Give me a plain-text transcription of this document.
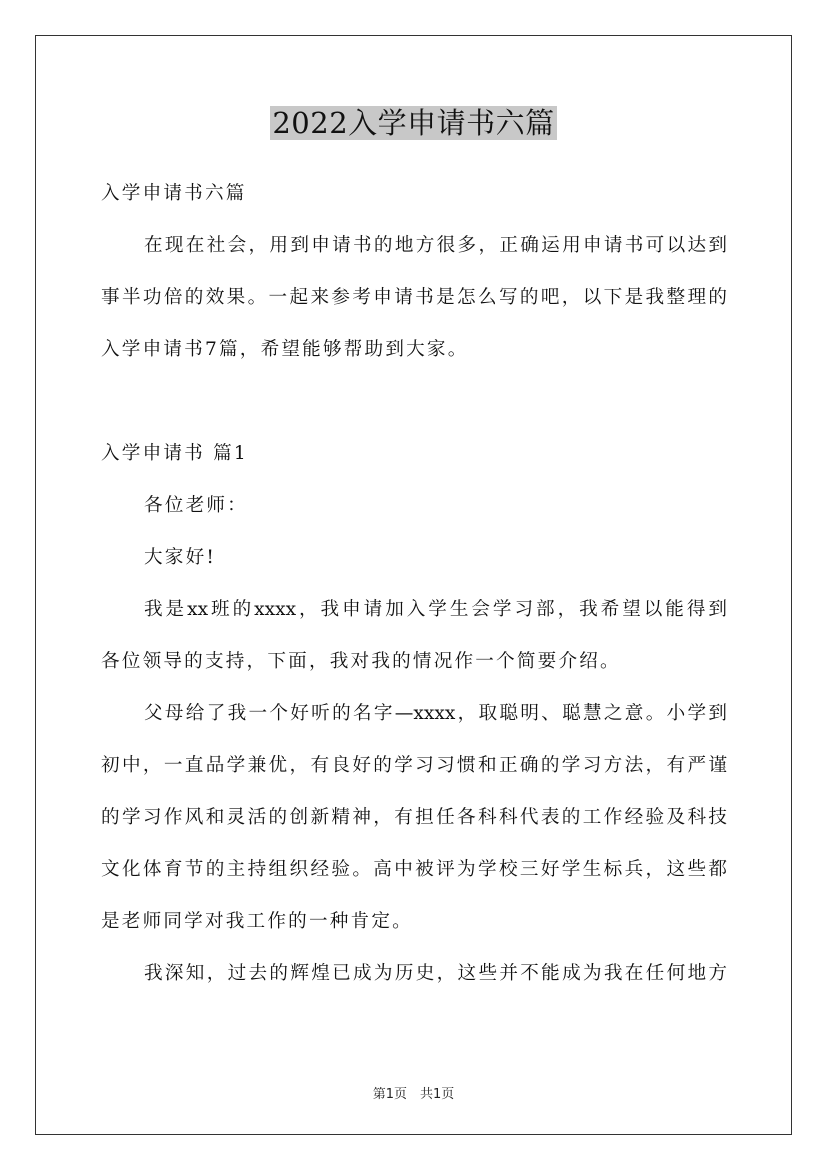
2022入学申请书六篇
入学申请书六篇
在现在社会，用到申请书的地方很多，正确运用申请书可以达到
事半功倍的效果。一起来参考申请书是怎么写的吧，以下是我整理的
入学申请书7篇，希望能够帮助到大家。
入学申请书 篇1
各位老师：
大家好!
我是xx班的xxxx，我申请加入学生会学习部，我希望以能得到
各位领导的支持，下面，我对我的情况作一个简要介绍。
父母给了我一个好听的名字—xxxx，取聪明、聪慧之意。小学到
初中，一直品学兼优，有良好的学习习惯和正确的学习方法，有严谨
的学习作风和灵活的创新精神，有担任各科科代表的工作经验及科技
文化体育节的主持组织经验。高中被评为学校三好学生标兵，这些都
是老师同学对我工作的一种肯定。
我深知，过去的辉煌已成为历史，这些并不能成为我在任何地方
第1页　共1页
